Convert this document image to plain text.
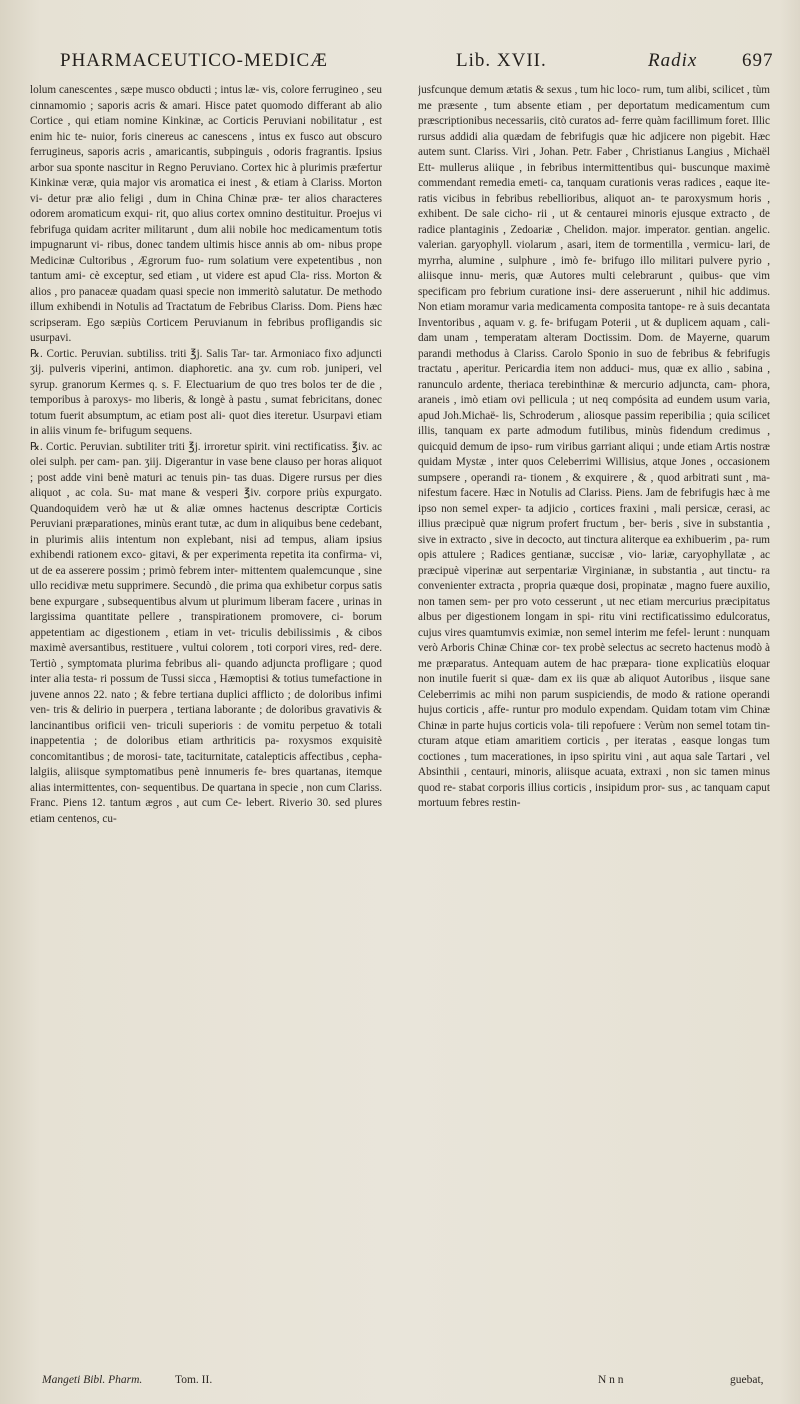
PHARMACEUTICO-MEDICÆ	Lib. XVII.	Radix 697

lolum canescentes , sæpe musco obducti ; intus læ- vis, colore ferrugineo , seu cinnamomio ; saporis acris & amari. Hisce patet quomodo differant ab alio Cortice , qui etiam nomine Kinkinæ, ac Corticis Peruviani nobilitatur , est enim hic te- nuior, foris cinereus ac canescens , intus ex fusco aut obscuro ferrugineus, saporis acris , amaricantis, subpinguis , odoris fragrantis. Ipsius arbor sua sponte nascitur in Regno Peruviano. Cortex hic à plurimis præfertur Kinkinæ veræ, quia major vis aromatica ei inest , & etiam à Clariss. Morton vi- detur præ alio feligi , dum in China Chinæ præ- ter alios characteres odorem aromaticum exqui- rit, quo alius cortex omnino destituitur. Proejus vi febrifuga quidam acriter militarunt , dum alii nobile hoc medicamentum totis impugnarunt vi- ribus, donec tandem ultimis hisce annis ab om- nibus prope Medicinæ Cultoribus , Ægrorum fuo- rum solatium vere expetentibus , non tantum ami- cè exceptur, sed etiam , ut videre est apud Cla- riss. Morton & alios , pro panaceæ quadam quasi specie non immeritò salutatur. De methodo illum exhibendi in Notulis ad Tractatum de Febribus Clariss. Dom. Piens hæc scripseram. Ego sæpiùs Corticem Peruvianum in febribus profligandis sic usurpavi.

℞. Cortic. Peruvian. subtiliss. triti ℥j. Salis Tar- tar. Armoniaco fixo adjuncti ʒij. pulveris viperini, antimon. diaphoretic. ana ʒv. cum rob. juniperi, vel syrup. granorum Kermes q. s. F. Electuarium de quo tres bolos ter de die , temporibus à paroxys- mo liberis, & longè à pastu , sumat febricitans, donec totum fuerit absumptum, ac etiam post ali- quot dies iteretur. Usurpavi etiam in aliis vinum fe- brifugum sequens.

℞. Cortic. Peruvian. subtiliter triti ℥j. irroretur spirit. vini rectificatiss. ℥iv. ac olei sulph. per cam- pan. ʒiij. Digerantur in vase bene clauso per horas aliquot ; post adde vini benè maturi ac tenuis pin- tas duas. Digere rursus per dies aliquot , ac cola. Su- mat mane & vesperi ℥iv. corpore priùs expurgato. Quandoquidem verò hæ ut & aliæ omnes hactenus descriptæ Corticis Peruviani præparationes, minùs erant tutæ, ac dum in aliquibus bene cedebant, in plurimis aliis intentum non explebant, nisi ad tempus, aliam ipsius exhibendi rationem exco- gitavi, & per experimenta repetita ita confirma- vi, ut de ea asserere possim ; primò febrem inter- mittentem qualemcunque , sine ullo recidivæ metu supprimere. Secundò , die prima qua exhibetur corpus satis bene expurgare , subsequentibus alvum ut plurimum liberam facere , urinas in largissima quantitate pellere , transpirationem promovere, ci- borum appetentiam ac digestionem , etiam in vet- triculis debilissimis , & cibos maximè aversantibus, restituere , vultui colorem , toti corpori vires, red- dere. Tertiò , symptomata plurima febribus ali- quando adjuncta profligare ; quod inter alia testa- ri possum de Tussi sicca , Hæmoptisi & totius tumefactione in juvene annos 22. nato ; & febre tertiana duplici afflicto ; de doloribus infimi ven- tris & delirio in puerpera , tertiana laborante ; de doloribus gravativis & lancinantibus orificii ven- triculi superioris : de vomitu perpetuo & totali inappetentia ; de doloribus etiam arthriticis pa- roxysmos exquisitè concomitantibus ; de morosi- tate, taciturnitate, catalepticis affectibus , cepha- lalgiis, aliisque symptomatibus penè innumeris fe- bres quartanas, itemque alias intermittentes, con- sequentibus. De quartana in specie , non cum Clariss. Franc. Piens 12. tantum ægros , aut cum Ce- lebert. Riverio 30. sed plures etiam centenos, cu-

jusfcunque demum ætatis & sexus , tum hic loco- rum, tum alibi, scilicet , tùm me præsente , tum absente etiam , per deportatum medicamentum cum præscriptionibus necessariis, citò curatos ad- ferre quàm facillimum foret. Illic rursus addidi alia quædam de febrifugis quæ hic adjicere non pigebit. Hæc autem sunt. Clariss. Viri , Johan. Petr. Faber , Christianus Langius , Michaël Ett- mullerus aliique , in febribus intermittentibus qui- buscunque maximè commendant remedia emeti- ca, tanquam curationis veras radices , eaque ite- ratis vicibus in febribus rebellioribus, aliquot an- te paroxysmum horis , exhibent. De sale cicho- rii , ut & centaurei minoris ejusque extracto , de radice plantaginis , Zedoariæ , Chelidon. major. imperator. gentian. angelic. valerian. garyophyll. violarum , asari, item de tormentilla , vermicu- lari, de myrrha, alumine , sulphure , imò fe- brifugo illo militari pulvere pyrio , aliisque innu- meris, quæ Autores multi celebrarunt , quibus- que vim specificam pro febrium curatione insi- dere asseruerunt , nihil hic addimus. Non etiam moramur varia medicamenta composita tantope- re à suis decantata Inventoribus , aquam v. g. fe- brifugam Poterii , ut & duplicem aquam , cali- dam unam , temperatam alteram Doctissim. Dom. de Mayerne, quarum parandi methodus à Clariss. Carolo Sponio in suo de febribus & febrifugis tractatu , aperitur. Pericardia item non adduci- mus, quæ ex allio , sabina , ranunculo ardente, theriaca terebinthinæ & mercurio adjuncta, cam- phora, araneis , imò etiam ovi pellicula ; ut neq compósita ad eundem usum varia, apud Joh.Michaë- lis, Schroderum , aliosque passim reperibilia ; quia scilicet illis, tanquam ex parte admodum futilibus, minùs fidendum credimus , quicquid demum de ipso- rum viribus garriant aliqui ; unde etiam Artis nostræ quidam Mystæ , inter quos Celeberrimi Willisius, atque Jones , occasionem sumpsere , operandi ra- tionem , & exquirere , & , quod arbitrati sunt , ma- nifestum facere. Hæc in Notulis ad Clariss. Piens. Jam de febrifugis hæc à me ipso non semel exper- ta adjicio , cortices fraxini , mali persicæ, cerasi, ac illius præcipuè quæ nigrum profert fructum , ber- beris , sive in substantia , sive in extracto , sive in decocto, aut tinctura aliterque ea exhibuerim , pa- rum opis attulere ; Radices gentianæ, succisæ , vio- lariæ, caryophyllatæ , ac præcipuè viperinæ aut serpentariæ Virginianæ, in substantia , aut tinctu- ra convenienter extracta , propria quæque dosi, propinatæ , magno fuere auxilio, non tamen sem- per pro voto cesserunt , ut nec etiam mercurius præcipitatus albus per digestionem longam in spi- ritu vini rectificatissimo edulcoratus, cujus vires quamtumvis eximiæ, non semel interim me fefel- lerunt : nunquam verò Arboris Chinæ Chinæ cor- tex probè selectus ac secreto hactenus modò à me præparatus. Antequam autem de hac præpara- tione explicatiùs eloquar non inutile fuerit si quæ- dam ex iis quæ ab aliquot Autoribus , iisque sane Celeberrimis ac mihi non parum suspiciendis, de modo & ratione operandi hujus corticis , affe- runtur pro modulo expendam. Quidam totam vim Chinæ Chinæ in parte hujus corticis vola- tili repofuere : Verùm non semel totam tin- cturam atque etiam amaritiem corticis , per iteratas , easque longas tum coctiones , tum macerationes, in ipso spiritu vini , aut aqua sale Tartari , vel Absinthii , centauri, minoris, aliisque acuata, extraxi , non sic tamen minus quod re- stabat corporis illius corticis , insipidum pror- sus , ac tanquam caput mortuum febres restin-

Mangeti Bibl. Pharm.	Tom. II.	N n n	guebat,
